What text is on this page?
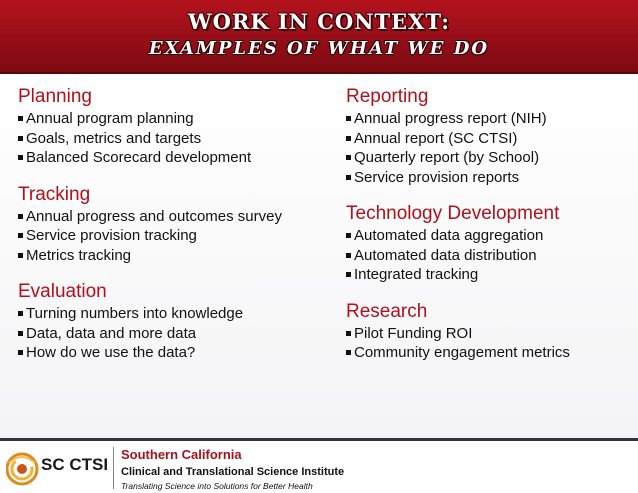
WORK IN CONTEXT:
EXAMPLES OF WHAT WE DO
Planning
Annual program planning
Goals, metrics and targets
Balanced Scorecard development
Tracking
Annual progress and outcomes survey
Service provision tracking
Metrics tracking
Evaluation
Turning numbers into knowledge
Data, data and more data
How do we use the data?
Reporting
Annual progress report (NIH)
Annual report (SC CTSI)
Quarterly report (by School)
Service provision reports
Technology Development
Automated data aggregation
Automated data distribution
Integrated tracking
Research
Pilot Funding ROI
Community engagement metrics
SC CTSI
Southern California
Clinical and Translational Science Institute
Translating Science into Solutions for Better Health
